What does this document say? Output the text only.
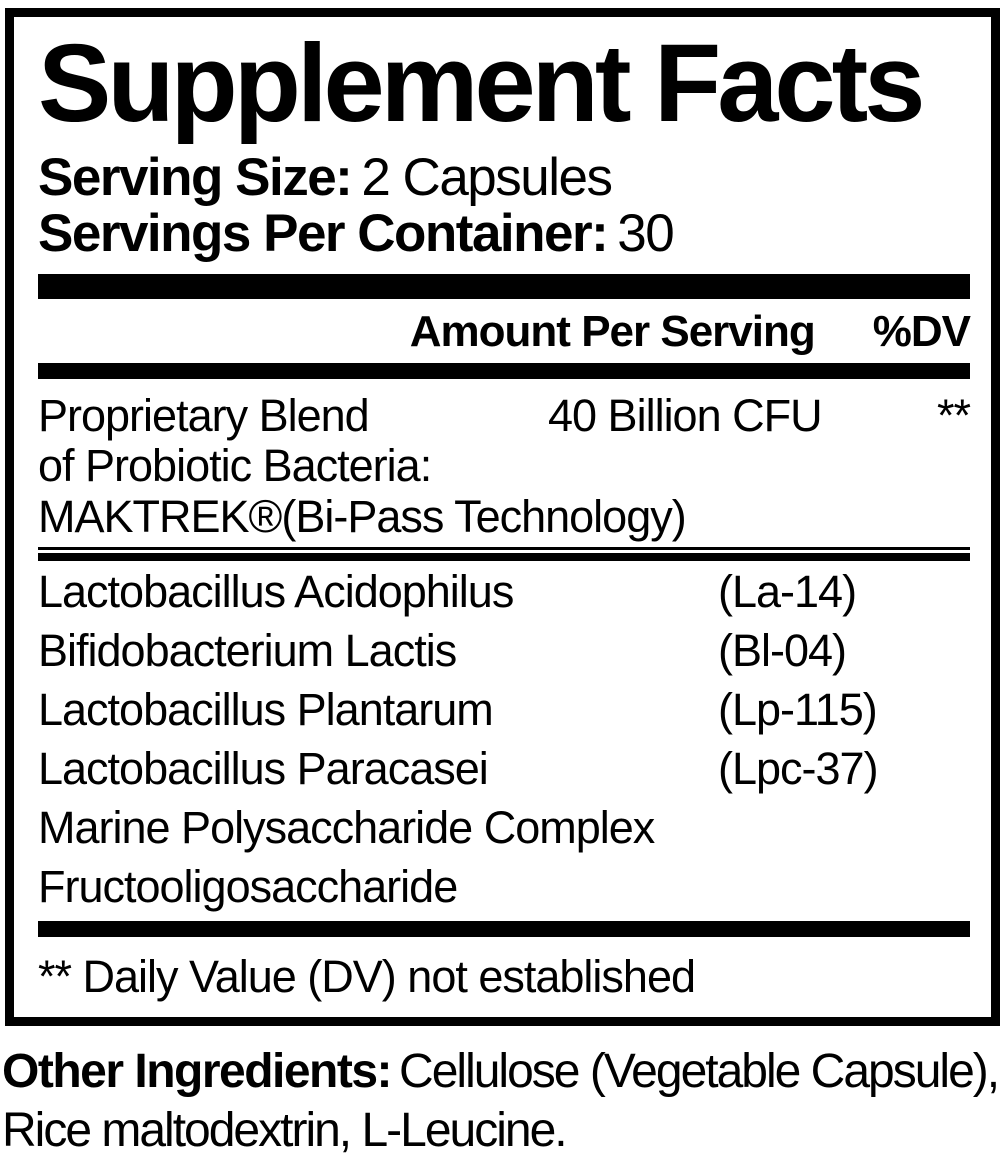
Supplement Facts
Serving Size: 2 Capsules
Servings Per Container: 30
Amount Per Serving %DV
Proprietary Blend	40 Billion CFU	**
of Probiotic Bacteria:
MAKTREK®(Bi-Pass Technology)
Lactobacillus Acidophilus	(La-14)
Bifidobacterium Lactis	(Bl-04)
Lactobacillus Plantarum	(Lp-115)
Lactobacillus Paracasei	(Lpc-37)
Marine Polysaccharide Complex
Fructooligosaccharide
** Daily Value (DV) not established
Other Ingredients: Cellulose (Vegetable Capsule), Rice maltodextrin, L-Leucine.
